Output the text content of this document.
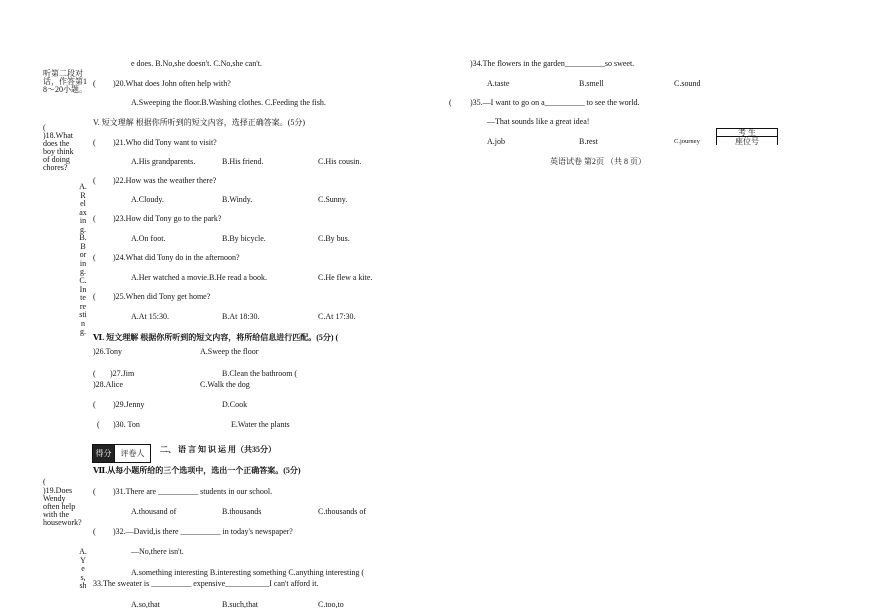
听第二段对话，作答第18～20小题。
(
)18.What does the boy think of doing chores?
A.Relaxing.B.Boring.C.Interesting.
(
)19.Does Wendy often help with the housework?
A.Yes,sh
e does. B.No,she doesn't. C.No,she can't.
( )20.What does John often help with?
A.Sweeping the floor.B.Washing clothes. C.Feeding the fish.
V. 短文理解 根据你所听到的短文内容，选择正确答案。(5分)
( )21.Who did Tony want to visit?
A.His grandparents.	B.His friend.	C.His cousin.
( )22.How was the weather there?
A.Cloudy.	B.Windy.	C.Sunny.
( )23.How did Tony go to the park?
A.On foot.	B.By bicycle.	C.By bus.
( )24.What did Tony do in the afternoon?
A.Her watched a movie.B.He read a book.	C.He flew a kite.
( )25.When did Tony get home?
A.At 15:30.	B.At 18:30.	C.At 17:30.
Ⅵ. 短文理解 根据你所听到的短文内容，将所给信息进行匹配。(5分) (
)26.Tony	A.Sweep the floor
( )27.Jim	B.Clean the bathroom (
)28.Alice	C.Walk the dog
( )29.Jenny	D.Cook
( )30. Ton	E.Water the plants
得分	评卷人	二、 语 言 知 识 运 用（共35分）
Ⅶ.从每小题所给的三个选项中，选出一个正确答案。(5分)
( )31.There are __________ students in our school.
A.thousand of	B.thousands	C.thousands of
( )32.—David,is there __________ in today's newspaper?
—No,there isn't.
A.something interesting B.interesting something C.anything interesting (
33.The sweater is __________ expensive___________I can't afford it.
A.so,that	B.such,that	C.too,to
)34.The flowers in the garden__________so sweet.
A.taste	B.smell	C.sound
( )35.—I want to go on a__________ to see the world.
—That sounds like a great idea!
A.job	B.rest	C.journey
考 生
座位号
英语试卷 第2页 （共 8 页）
